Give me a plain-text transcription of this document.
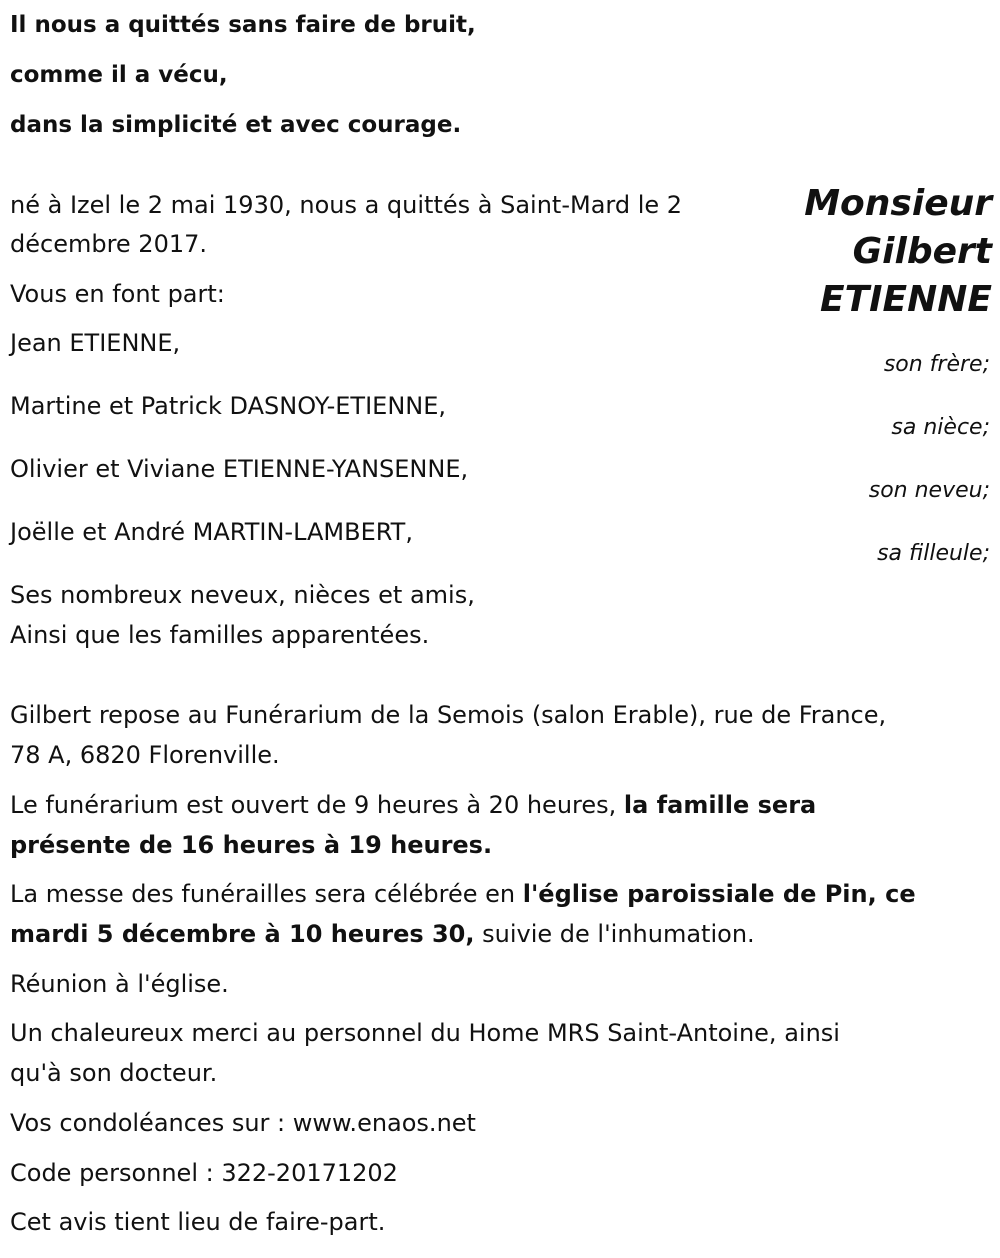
Il nous a quittés sans faire de bruit,
comme il a vécu,
dans la simplicité et avec courage.
Monsieur
Gilbert
ETIENNE
né à Izel le 2 mai 1930, nous a quittés à Saint-Mard le 2
décembre 2017.
Vous en font part:
Jean ETIENNE,
son frère;
Martine et Patrick DASNOY-ETIENNE,
sa nièce;
Olivier et Viviane ETIENNE-YANSENNE,
son neveu;
Joëlle et André MARTIN-LAMBERT,
sa filleule;
Ses nombreux neveux, nièces et amis,
Ainsi que les familles apparentées.
Gilbert repose au Funérarium de la Semois (salon Erable), rue de France,
78 A, 6820 Florenville.
Le funérarium est ouvert de 9 heures à 20 heures, la famille sera
présente de 16 heures à 19 heures.
La messe des funérailles sera célébrée en l'église paroissiale de Pin, ce
mardi 5 décembre à 10 heures 30, suivie de l'inhumation.
Réunion à l'église.
Un chaleureux merci au personnel du Home MRS Saint-Antoine, ainsi
qu'à son docteur.
Vos condoléances sur : www.enaos.net
Code personnel : 322-20171202
Cet avis tient lieu de faire-part.
